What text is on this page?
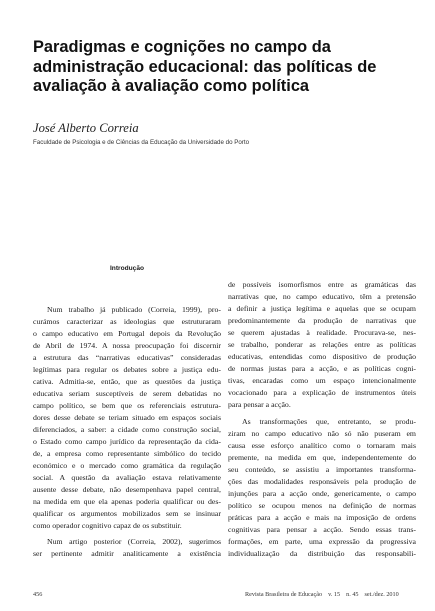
Paradigmas e cognições no campo da
administração educacional: das políticas de
avaliação à avaliação como política
José Alberto Correia
Faculdade de Psicologia e de Ciências da Educação da Universidade do Porto
Introdução
Num trabalho já publicado (Correia, 1999), pro-
curámos caracterizar as ideologias que estruturaram
o campo educativo em Portugal depois da Revolução
de Abril de 1974. A nossa preocupação foi discernir
a estrutura das “narrativas educativas” consideradas
legítimas para regular os debates sobre a justiça edu-
cativa. Admitia-se, então, que as questões da justiça
educativa seriam susceptíveis de serem debatidas no
campo político, se bem que os referenciais estrutura-
dores desse debate se teriam situado em espaços sociais
diferenciados, a saber: a cidade como construção social,
o Estado como campo jurídico da representação da cida-
de, a empresa como representante simbólico do tecido
económico e o mercado como gramática da regulação
social. A questão da avaliação estava relativamente
ausente desse debate, não desempenhava papel central,
na medida em que ela apenas poderia qualificar ou des-
qualificar os argumentos mobilizados sem se insinuar
como operador cognitivo capaz de os substituir.
Num artigo posterior (Correia, 2002), sugerimos
ser pertinente admitir analiticamente a existência
de possíveis isomorfismos entre as gramáticas das
narrativas que, no campo educativo, têm a pretensão
a definir a justiça legítima e aquelas que se ocupam
predominantemente da produção de narrativas que
se querem ajustadas à realidade. Procurava-se, nes-
se trabalho, ponderar as relações entre as políticas
educativas, entendidas como dispositivo de produção
de normas justas para a acção, e as políticas cogni-
tivas, encaradas como um espaço intencionalmente
vocacionado para a explicação de instrumentos úteis
para pensar a acção.
As transformações que, entretanto, se produ-
ziram no campo educativo não só não puseram em
causa esse esforço analítico como o tornaram mais
premente, na medida em que, independentemente do
seu conteúdo, se assistiu a importantes transforma-
ções das modalidades responsáveis pela produção de
injunções para a acção onde, genericamente, o campo
político se ocupou menos na definição de normas
práticas para a acção e mais na imposição de ordens
cognitivas para pensar a acção. Sendo essas trans-
formações, em parte, uma expressão da progressiva
individualização da distribuição das responsabili-
456	Revista Brasileira de Educação v. 15 n. 45 set./dez. 2010
